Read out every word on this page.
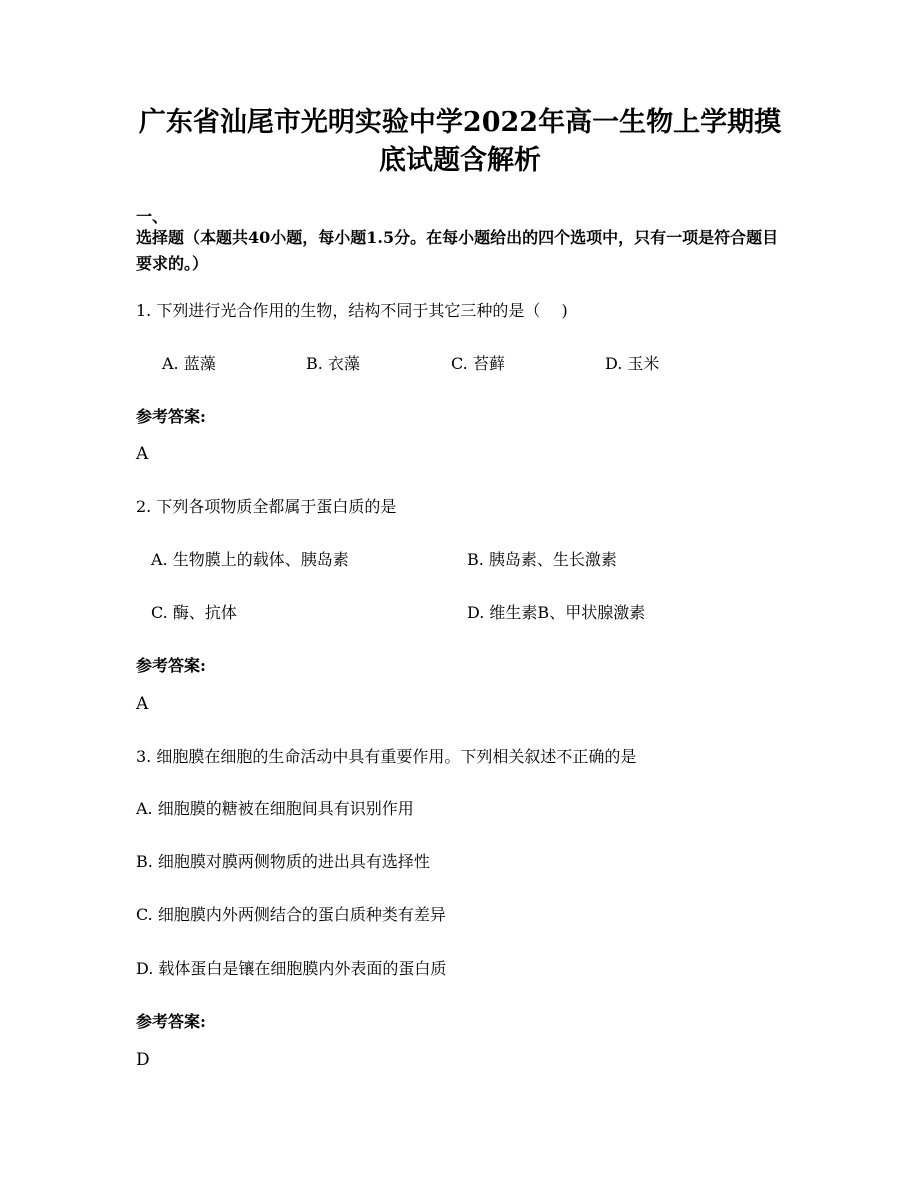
广东省汕尾市光明实验中学2022年高一生物上学期摸
底试题含解析
一、
选择题（本题共40小题，每小题1.5分。在每小题给出的四个选项中，只有一项是符合题目要求的。）
1. 下列进行光合作用的生物，结构不同于其它三种的是（　 )
A. 蓝藻	B. 衣藻	C. 苔藓	D. 玉米
参考答案:
A
2. 下列各项物质全都属于蛋白质的是
A. 生物膜上的载体、胰岛素	B. 胰岛素、生长激素
C. 酶、抗体	D. 维生素B、甲状腺激素
参考答案:
A
3. 细胞膜在细胞的生命活动中具有重要作用。下列相关叙述不正确的是
A. 细胞膜的糖被在细胞间具有识别作用
B. 细胞膜对膜两侧物质的进出具有选择性
C. 细胞膜内外两侧结合的蛋白质种类有差异
D. 载体蛋白是镶在细胞膜内外表面的蛋白质
参考答案:
D
